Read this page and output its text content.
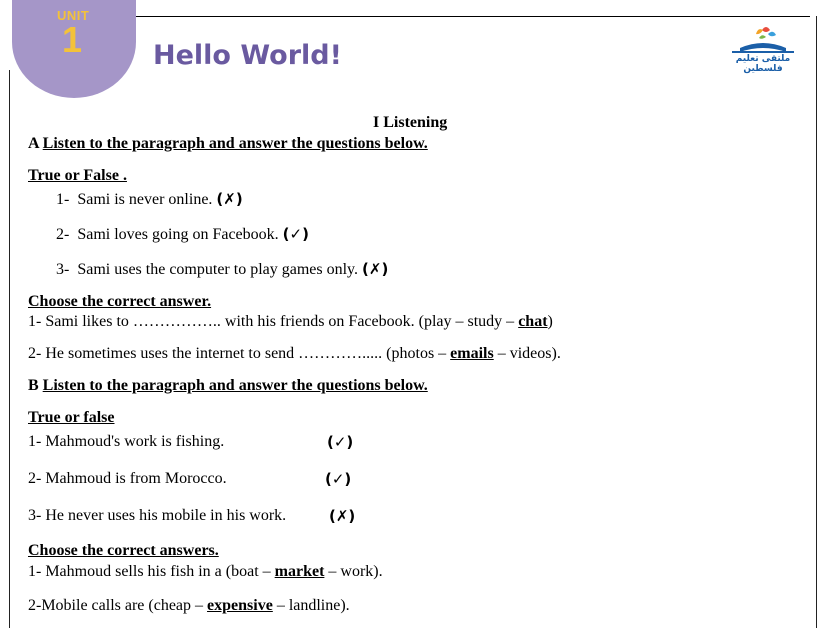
UNIT
1	Hello World!	ملتقى تعليم فلسطين
I Listening
A Listen to the paragraph and answer the questions below.
True or False .
1- Sami is never online. (✗)
2- Sami loves going on Facebook. (✓)
3- Sami uses the computer to play games only. (✗)
Choose the correct answer.
1- Sami likes to …………….. with his friends on Facebook. (play – study – chat)
2- He sometimes uses the internet to send …………..... (photos – emails – videos).
B Listen to the paragraph and answer the questions below.
True or false
1- Mahmoud's work is fishing.	(✓)
2- Mahmoud is from Morocco.	(✓)
3- He never uses his mobile in his work.	(✗)
Choose the correct answers.
1- Mahmoud sells his fish in a (boat – market – work).
2-Mobile calls are (cheap – expensive – landline).
